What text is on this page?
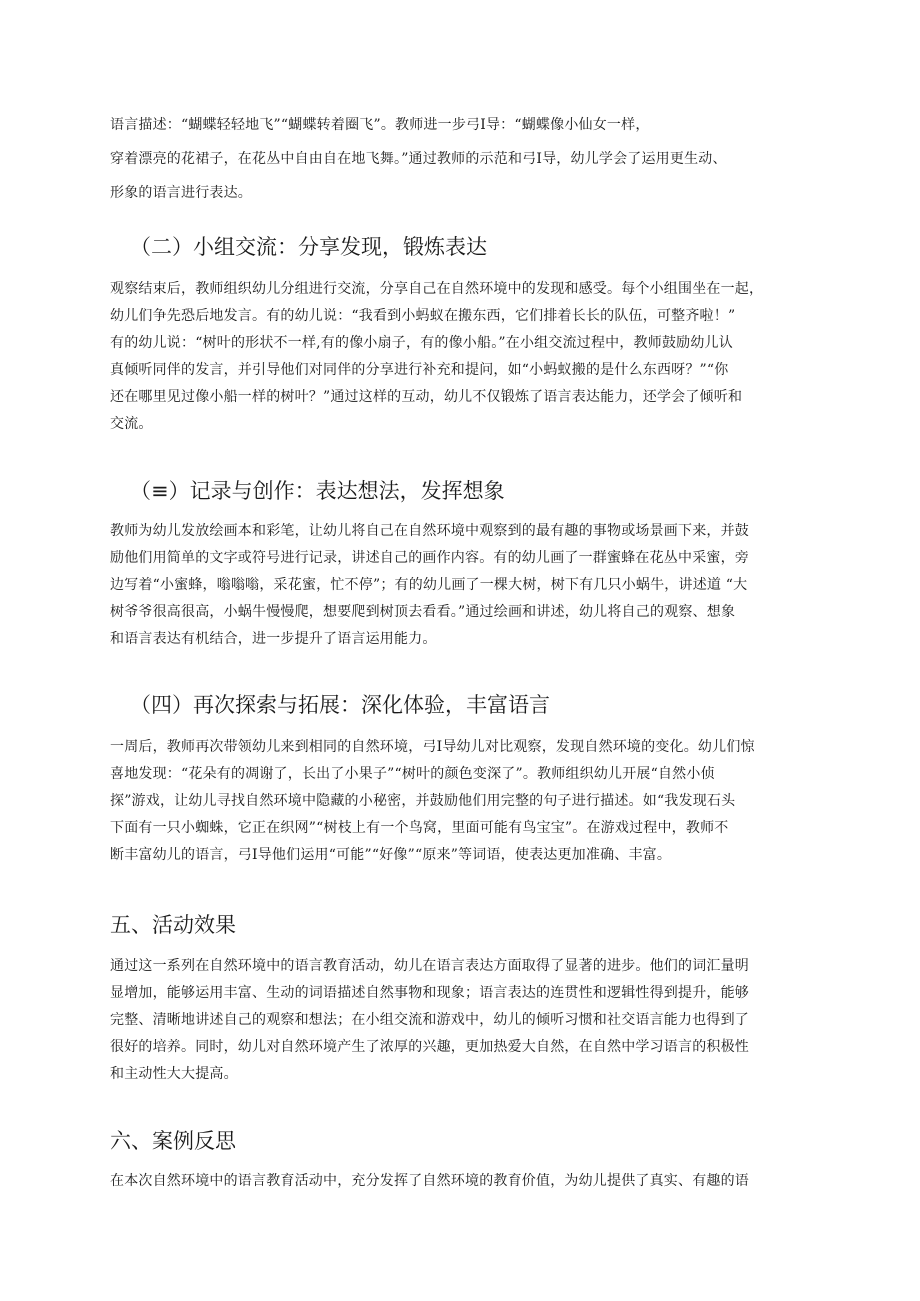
语言描述：“蝴蝶轻轻地飞”“蝴蝶转着圈飞”。教师进一步弓I导：“蝴蝶像小仙女一样，
穿着漂亮的花裙子，在花丛中自由自在地飞舞。”通过教师的示范和弓I导，幼儿学会了运用更生动、
形象的语言进行表达。
（二）小组交流：分享发现，锻炼表达
观察结束后，教师组织幼儿分组进行交流，分享自己在自然环境中的发现和感受。每个小组围坐在一起，
幼儿们争先恐后地发言。有的幼儿说：“我看到小蚂蚁在搬东西，它们排着长长的队伍，可整齐啦！”
有的幼儿说：“树叶的形状不一样,有的像小扇子，有的像小船。”在小组交流过程中，教师鼓励幼儿认
真倾听同伴的发言，并引导他们对同伴的分享进行补充和提问，如“小蚂蚁搬的是什么东西呀？”“你
还在哪里见过像小船一样的树叶？”通过这样的互动，幼儿不仅锻炼了语言表达能力，还学会了倾听和
交流。
（≡）记录与创作：表达想法，发挥想象
教师为幼儿发放绘画本和彩笔，让幼儿将自己在自然环境中观察到的最有趣的事物或场景画下来，并鼓
励他们用简单的文字或符号进行记录，讲述自己的画作内容。有的幼儿画了一群蜜蜂在花丛中采蜜，旁
边写着“小蜜蜂，嗡嗡嗡，采花蜜，忙不停”；有的幼儿画了一棵大树，树下有几只小蜗牛，讲述道 “大
树爷爷很高很高，小蜗牛慢慢爬，想要爬到树顶去看看。”通过绘画和讲述，幼儿将自己的观察、想象
和语言表达有机结合，进一步提升了语言运用能力。
（四）再次探索与拓展：深化体验，丰富语言
一周后，教师再次带领幼儿来到相同的自然环境，弓I导幼儿对比观察，发现自然环境的变化。幼儿们惊
喜地发现：“花朵有的凋谢了，长出了小果子”“树叶的颜色变深了”。教师组织幼儿开展“自然小侦
探”游戏，让幼儿寻找自然环境中隐藏的小秘密，并鼓励他们用完整的句子进行描述。如“我发现石头
下面有一只小蜘蛛，它正在织网”“树枝上有一个鸟窝，里面可能有鸟宝宝”。在游戏过程中，教师不
断丰富幼儿的语言，弓I导他们运用“可能”“好像”“原来”等词语，使表达更加准确、丰富。
五、活动效果
通过这一系列在自然环境中的语言教育活动，幼儿在语言表达方面取得了显著的进步。他们的词汇量明
显增加，能够运用丰富、生动的词语描述自然事物和现象；语言表达的连贯性和逻辑性得到提升，能够
完整、清晰地讲述自己的观察和想法；在小组交流和游戏中，幼儿的倾听习惯和社交语言能力也得到了
很好的培养。同时，幼儿对自然环境产生了浓厚的兴趣，更加热爱大自然，在自然中学习语言的积极性
和主动性大大提高。
六、案例反思
在本次自然环境中的语言教育活动中，充分发挥了自然环境的教育价值，为幼儿提供了真实、有趣的语
